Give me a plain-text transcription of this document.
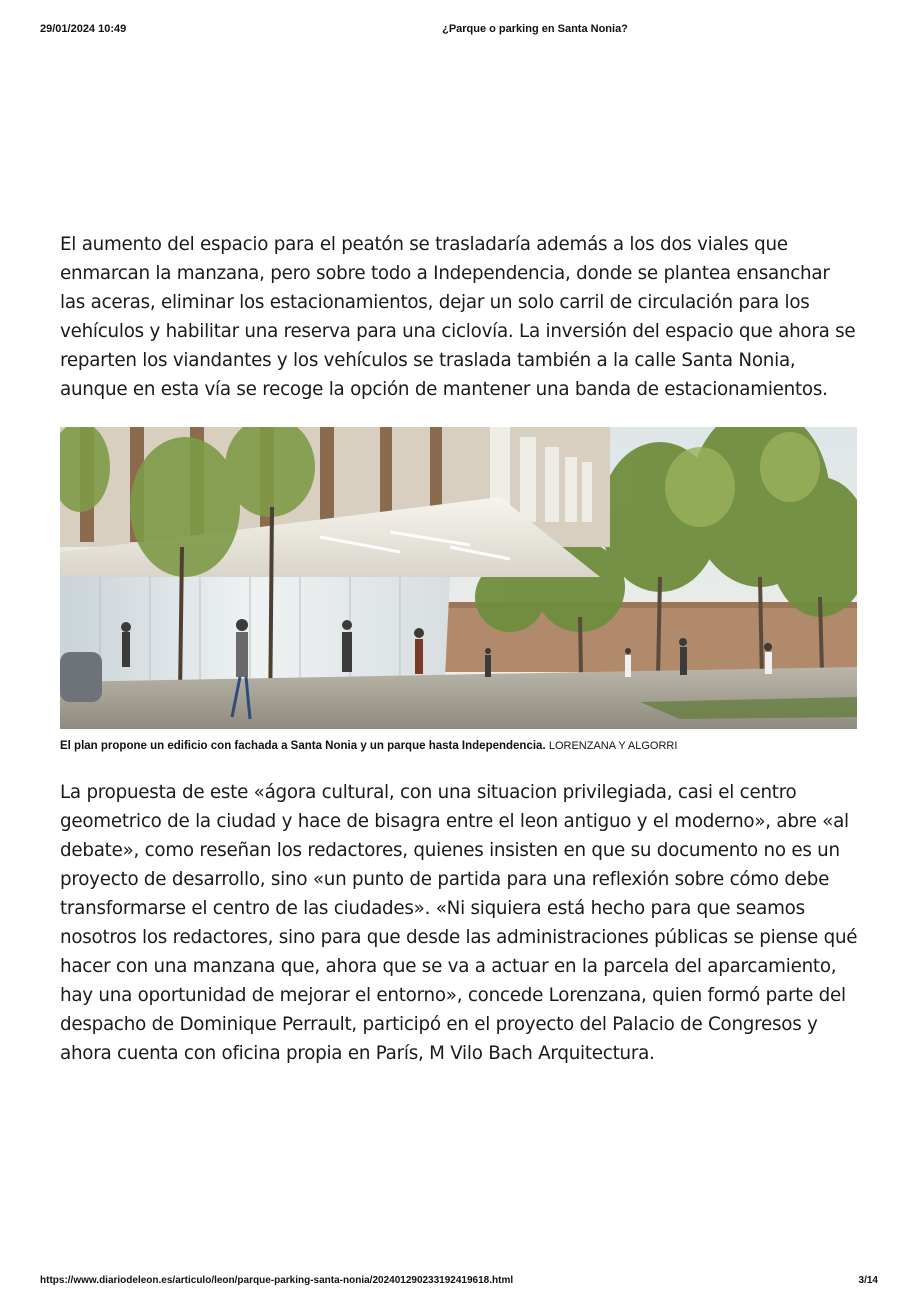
29/01/2024 10:49	¿Parque o parking en Santa Nonia?

El aumento del espacio para el peatón se trasladaría además a los dos viales que enmarcan la manzana, pero sobre todo a Independencia, donde se plantea ensanchar las aceras, eliminar los estacionamientos, dejar un solo carril de circulación para los vehículos y habilitar una reserva para una ciclovía. La inversión del espacio que ahora se reparten los viandantes y los vehículos se traslada también a la calle Santa Nonia, aunque en esta vía se recoge la opción de mantener una banda de estacionamientos.

El plan propone un edificio con fachada a Santa Nonia y un parque hasta Independencia. LORENZANA Y ALGORRI

La propuesta de este «ágora cultural, con una situacion privilegiada, casi el centro geometrico de la ciudad y hace de bisagra entre el leon antiguo y el moderno», abre «al debate», como reseñan los redactores, quienes insisten en que su documento no es un proyecto de desarrollo, sino «un punto de partida para una reflexión sobre cómo debe transformarse el centro de las ciudades». «Ni siquiera está hecho para que seamos nosotros los redactores, sino para que desde las administraciones públicas se piense qué hacer con una manzana que, ahora que se va a actuar en la parcela del aparcamiento, hay una oportunidad de mejorar el entorno», concede Lorenzana, quien formó parte del despacho de Dominique Perrault, participó en el proyecto del Palacio de Congresos y ahora cuenta con oficina propia en París, M Vilo Bach Arquitectura.

https://www.diariodeleon.es/articulo/leon/parque-parking-santa-nonia/202401290233192419618.html	3/14
